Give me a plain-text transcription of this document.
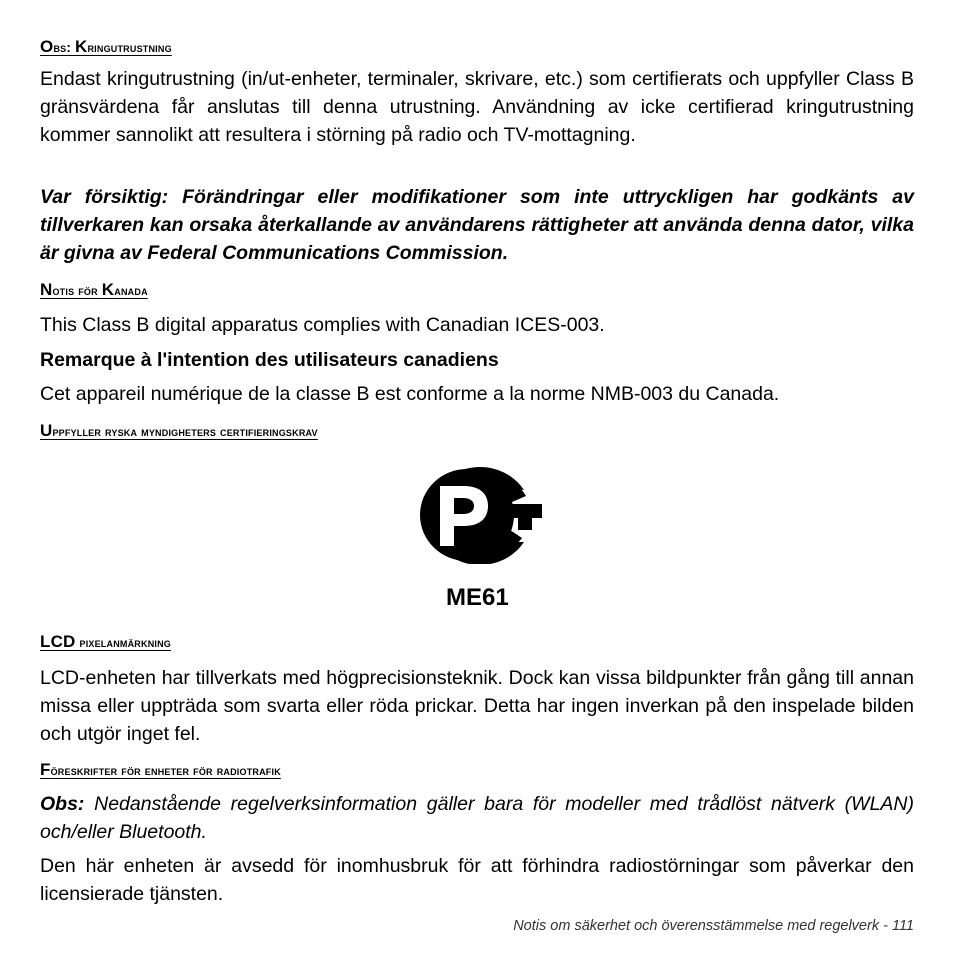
Obs: Kringutrustning
Endast kringutrustning (in/ut-enheter, terminaler, skrivare, etc.) som certifierats och uppfyller Class B gränsvärdena får anslutas till denna utrustning. Användning av icke certifierad kringutrustning kommer sannolikt att resultera i störning på radio och TV-mottagning.
Var försiktig: Förändringar eller modifikationer som inte uttryckligen har godkänts av tillverkaren kan orsaka återkallande av användarens rättigheter att använda denna dator, vilka är givna av Federal Communications Commission.
Notis för Kanada
This Class B digital apparatus complies with Canadian ICES-003.
Remarque à l'intention des utilisateurs canadiens
Cet appareil numérique de la classe B est conforme a la norme NMB-003 du Canada.
Uppfyller ryska myndigheters certifieringskrav
LCD pixelanmärkning
LCD-enheten har tillverkats med högprecisionsteknik. Dock kan vissa bildpunkter från gång till annan missa eller uppträda som svarta eller röda prickar. Detta har ingen inverkan på den inspelade bilden och utgör inget fel.
Föreskrifter för enheter för radiotrafik
Obs: Nedanstående regelverksinformation gäller bara för modeller med trådlöst nätverk (WLAN) och/eller Bluetooth.
Den här enheten är avsedd för inomhusbruk för att förhindra radiostörningar som påverkar den licensierade tjänsten.
ME61
Notis om säkerhet och överensstämmelse med regelverk - 111
